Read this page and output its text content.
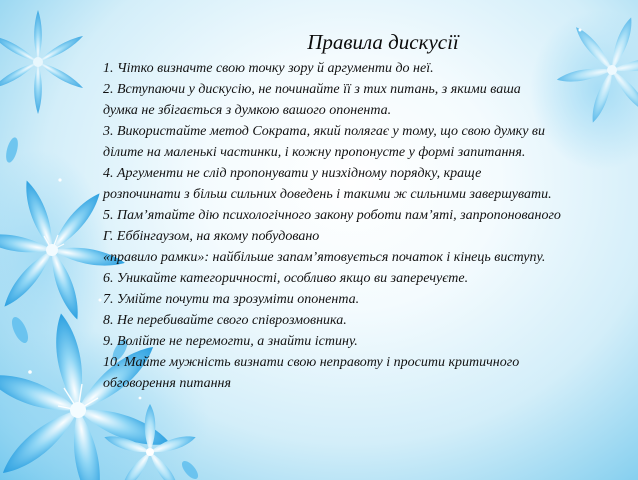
Правила дискусії

1. Чітко визначте свою точку зору й аргументи до неї.

2. Вступаючи у дискусію, не починайте її з тих питань, з якими ваша

думка не збігається з думкою вашого опонента.

3. Використайте метод Сократа, який полягає у тому, що свою думку ви

ділите на маленькі частинки, і кожну пропонусте у формі запитання.

4. Аргументи не слід пропонувати у низхідному порядку, краще

розпочинати з більш сильних доведень і такими ж сильними завершувати.

5. Пам’ятайте дію психологічного закону роботи пам’яті, запропонованого

Г. Еббінгаузом, на якому побудовано

«правило рамки»: найбільше запам’ятовується початок і кінець виступу.

6. Уникайте категоричності, особливо якщо ви заперечуєте.

7. Умійте почути та зрозуміти опонента.

8. Не перебивайте свого співрозмовника.

9. Волійте не перемогти, а знайти істину.

10. Майте мужність визнати свою неправоту і просити критичного

обговорення питання
